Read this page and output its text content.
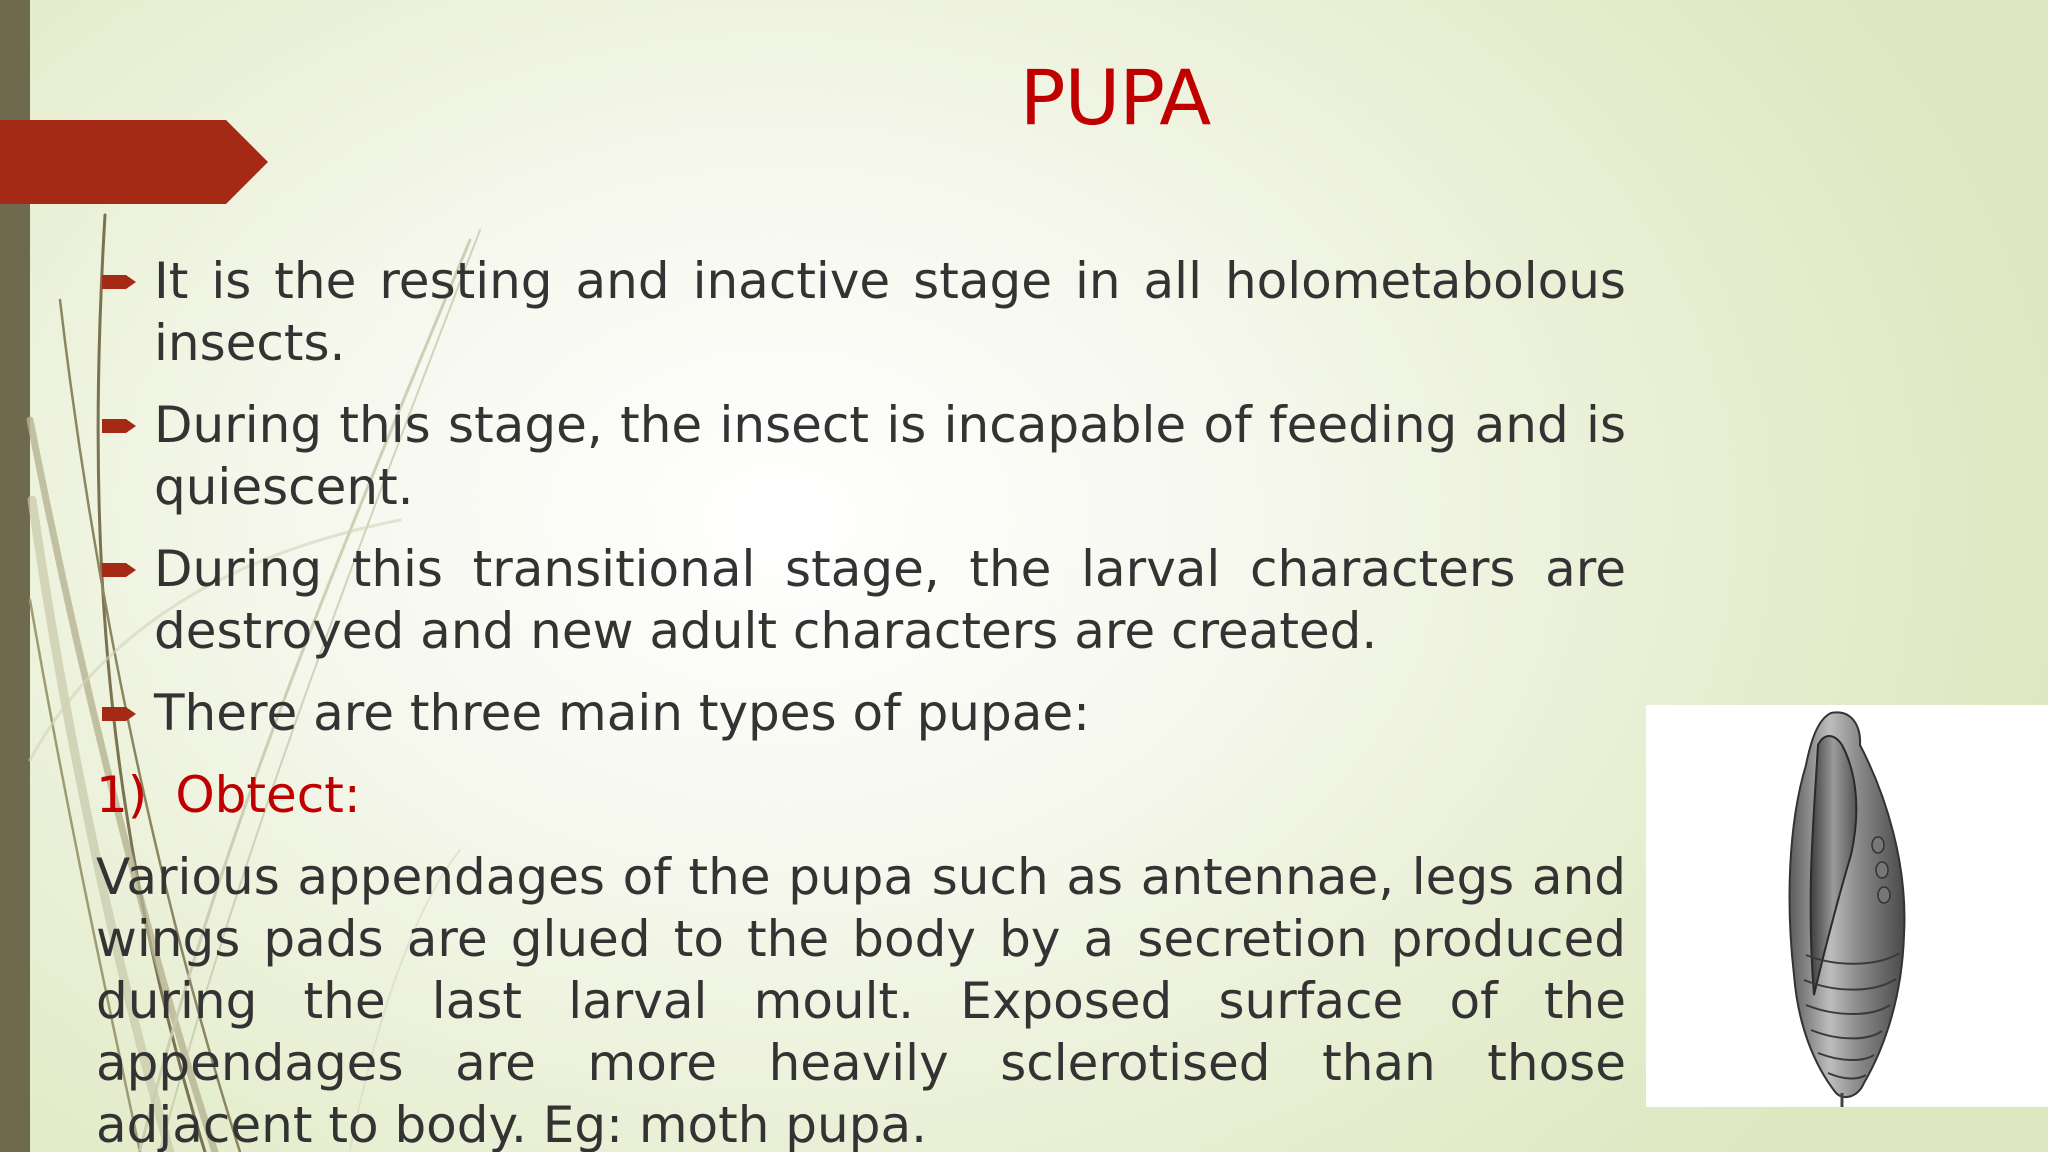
PUPA
It is the resting and inactive stage in all holometabolous insects.
During this stage, the insect is incapable of feeding and is quiescent.
During this transitional stage, the larval characters are destroyed and new adult characters are created.
There are three main types of pupae:
1) Obtect:
Various appendages of the pupa such as antennae, legs and wings pads are glued to the body by a secretion produced during the last larval moult. Exposed surface of the appendages are more heavily sclerotised than those adjacent to body. Eg: moth pupa.
